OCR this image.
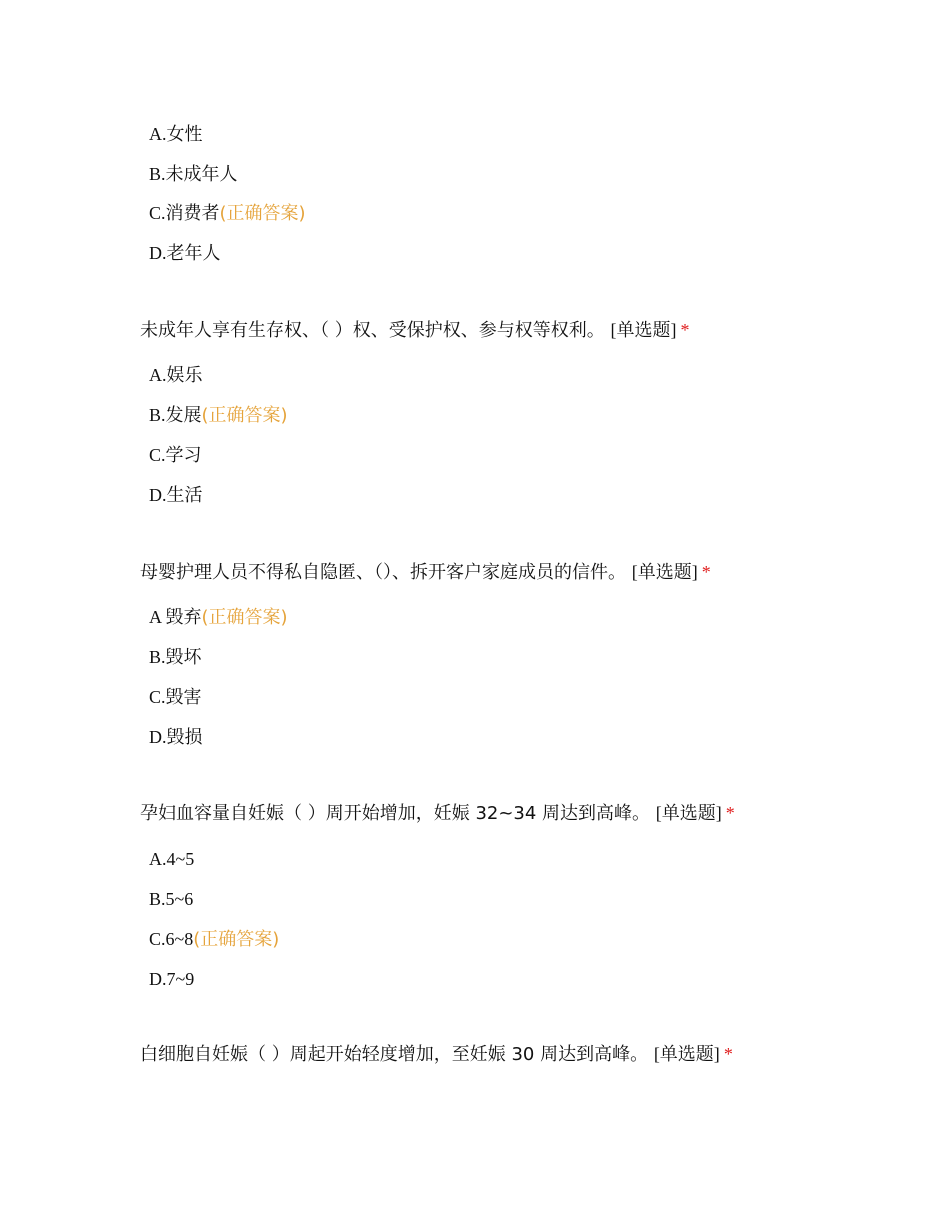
A.女性
B.未成年人
C.消费者(正确答案)
D.老年人
未成年人享有生存权、（ ）权、受保护权、参与权等权利。 [单选题] *
A.娱乐
B.发展(正确答案)
C.学习
D.生活
母婴护理人员不得私自隐匿、（）、拆开客户家庭成员的信件。 [单选题] *
A 毁弃(正确答案)
B.毁坏
C.毁害
D.毁损
孕妇血容量自妊娠（ ）周开始增加，妊娠 32~34 周达到高峰。 [单选题] *
A.4~5
B.5~6
C.6~8(正确答案)
D.7~9
白细胞自妊娠（ ）周起开始轻度增加，至妊娠 30 周达到高峰。 [单选题] *
